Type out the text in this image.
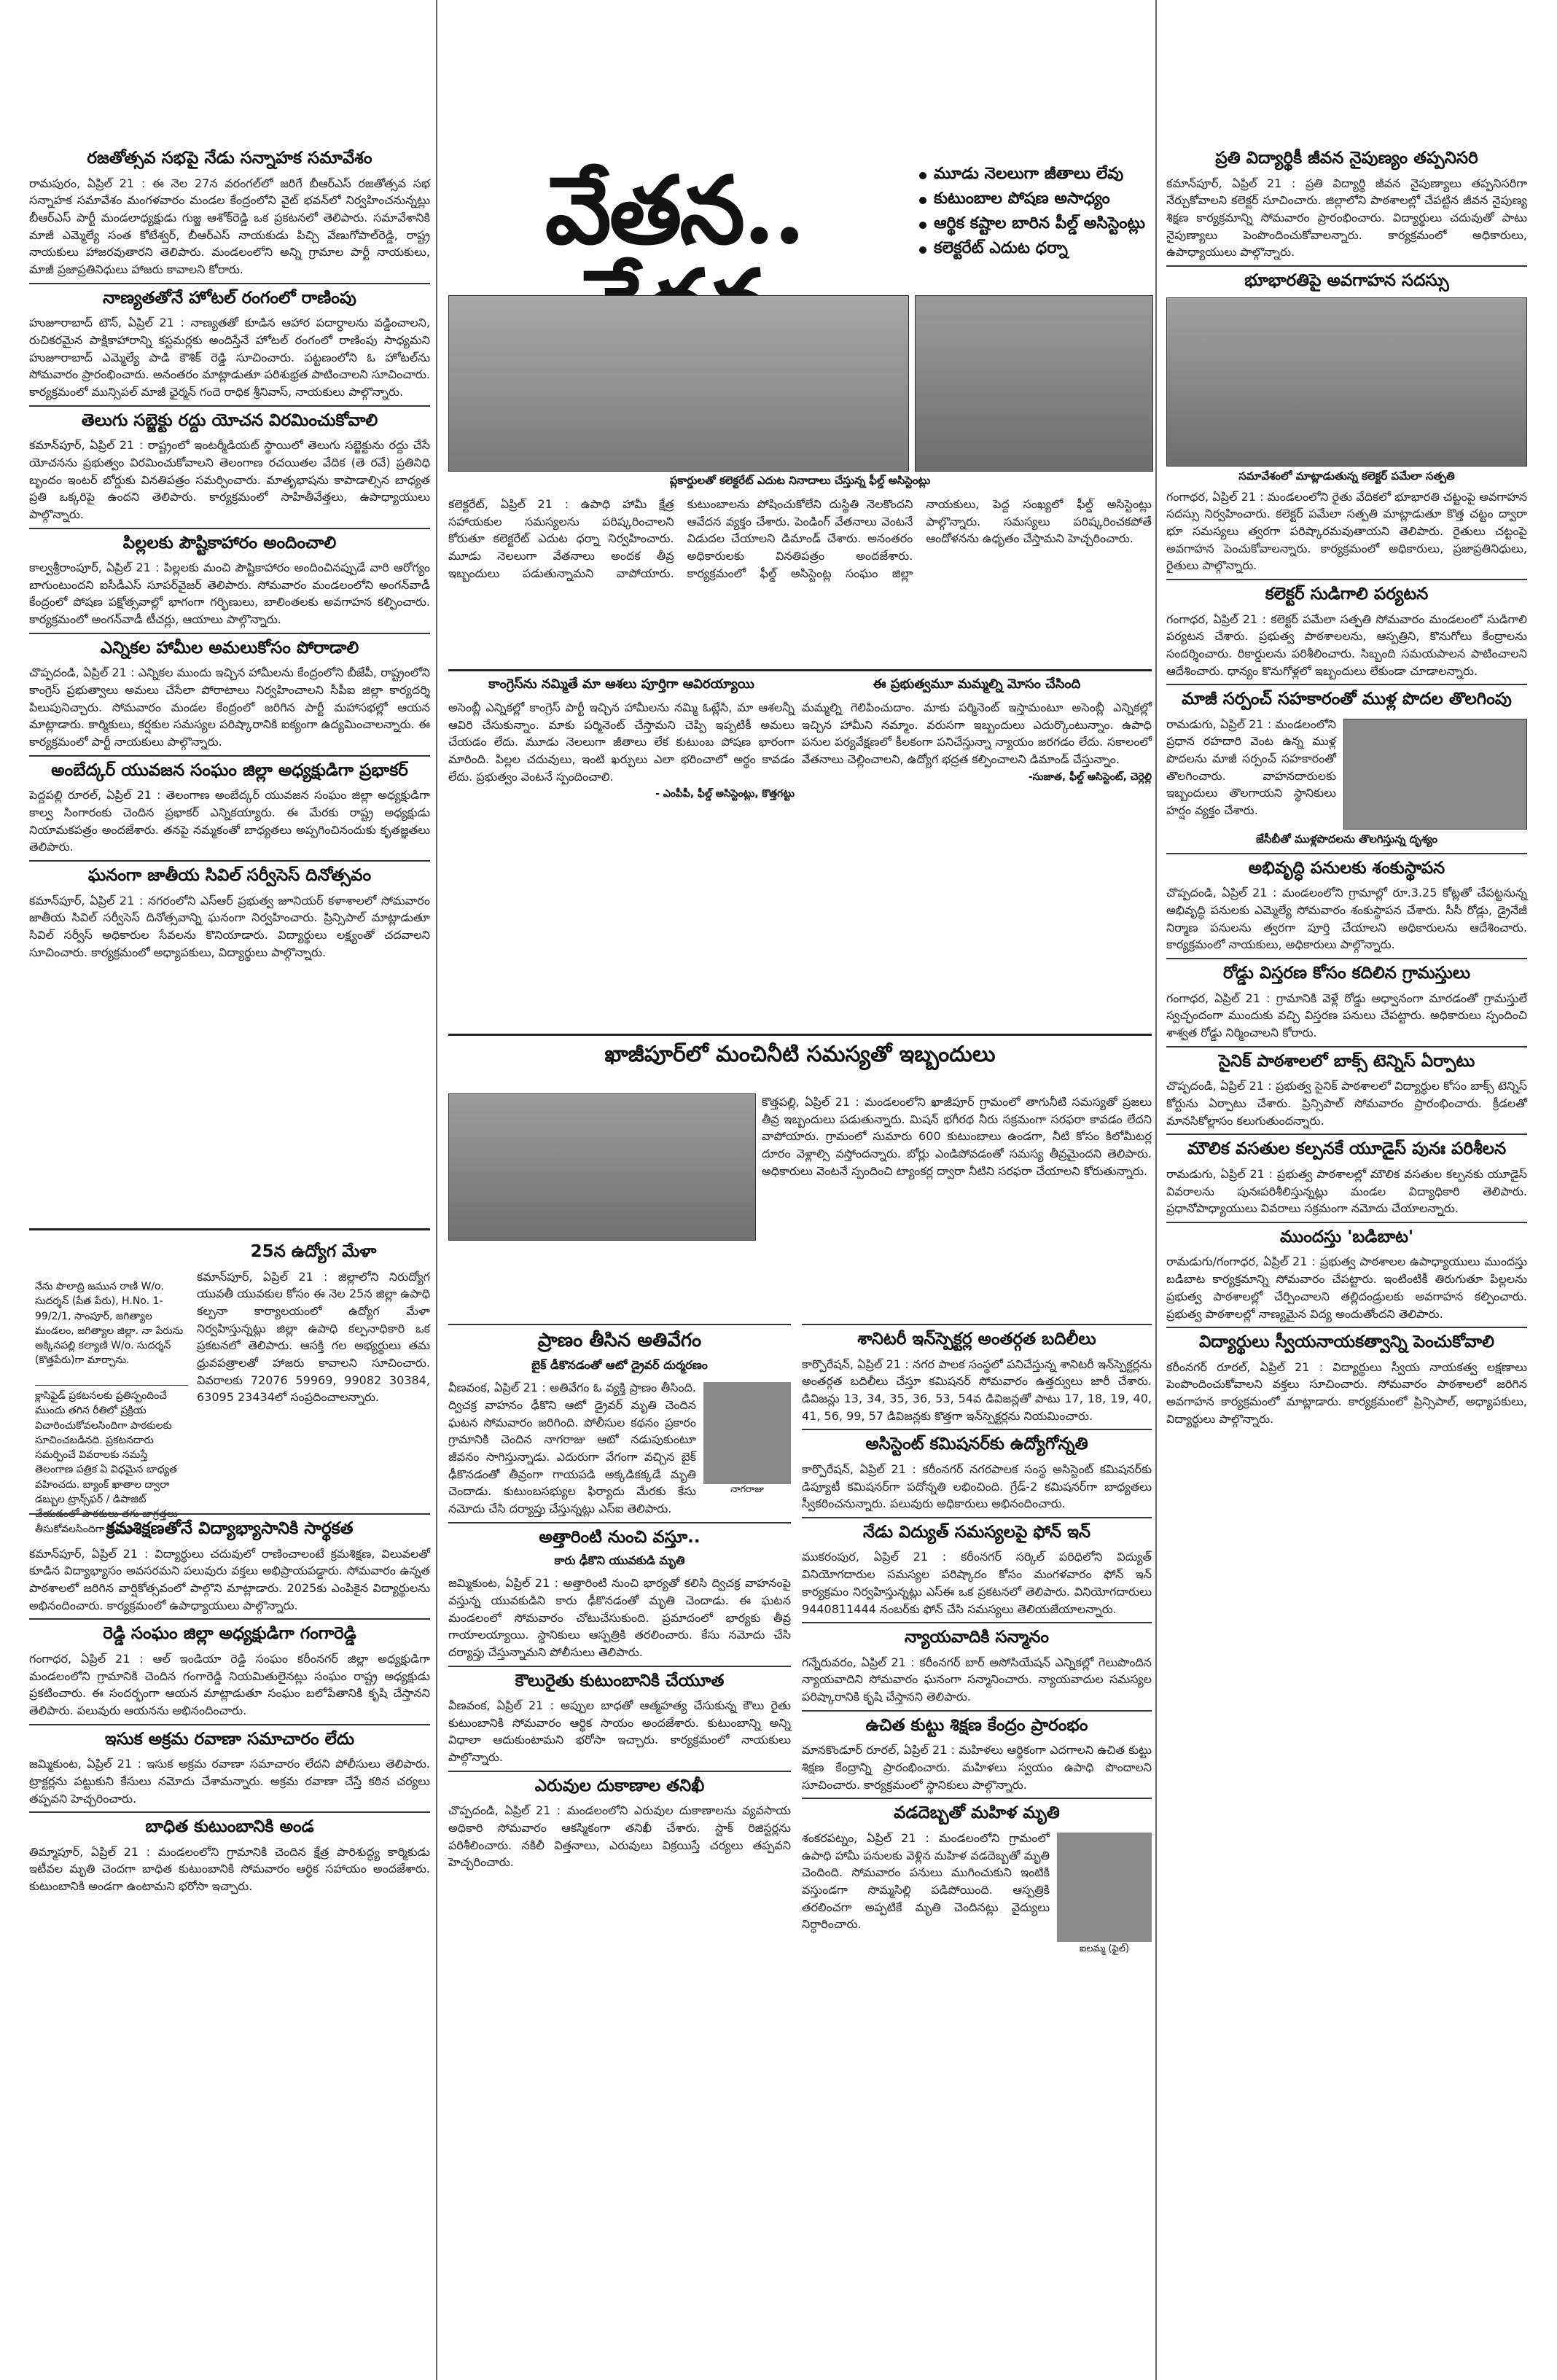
రజతోత్సవ సభపై నేడు సన్నాహక సమావేశం
రామపురం, ఏప్రిల్ 21 : ఈ నెల 27న వరంగల్‌లో జరిగే బీఆర్‌ఎస్ రజతోత్సవ సభ సన్నాహక సమావేశం మంగళవారం మండల కేంద్రంలోని వైట్ భవన్‌లో నిర్వహించనున్నట్లు బీఆర్‌ఎస్ పార్టీ మండలాధ్యక్షుడు గుజ్జ ఆశోక్‌రెడ్డి ఒక ప్రకటనలో తెలిపారు. సమావేశానికి మాజీ ఎమ్మెల్యే సంత కోటేశ్వర్, బీఆర్‌ఎస్ నాయకుడు పిచ్చి వేణుగోపాల్‌రెడ్డి, రాష్ట్ర నాయకులు హాజరవుతారని తెలిపారు. మండలంలోని అన్ని గ్రామాల పార్టీ నాయకులు, మాజీ ప్రజాప్రతినిధులు హాజరు కావాలని కోరారు.
నాణ్యతతోనే హోటల్ రంగంలో రాణింపు
హుజూరాబాద్ టౌన్, ఏప్రిల్ 21 : నాణ్యతతో కూడిన ఆహార పదార్థాలను వడ్డించాలని, రుచికరమైన పాక్షికాహారాన్ని కస్టమర్లకు అందిస్తేనే హోటల్ రంగంలో రాణింపు సాధ్యమని హుజూరాబాద్ ఎమ్మెల్యే పాడి కౌశిక్ రెడ్డి సూచించారు. పట్టణంలోని ఓ హోటల్‌ను సోమవారం ప్రారంభించారు. అనంతరం మాట్లాడుతూ పరిశుభ్రత పాటించాలని సూచించారు. కార్యక్రమంలో మున్సిపల్ మాజీ ఛైర్మన్ గందె రాధిక శ్రీనివాస్, నాయకులు పాల్గొన్నారు.
తెలుగు సబ్జెక్టు రద్దు యోచన విరమించుకోవాలి
కమాన్‌పూర్, ఏప్రిల్ 21 : రాష్ట్రంలో ఇంటర్మీడియట్ స్థాయిలో తెలుగు సబ్జెక్టును రద్దు చేసే యోచనను ప్రభుత్వం విరమించుకోవాలని తెలంగాణ రచయితల వేదిక (తె రవే) ప్రతినిధి బృందం ఇంటర్ బోర్డుకు వినతిపత్రం సమర్పించారు. మాతృభాషను కాపాడాల్సిన బాధ్యత ప్రతి ఒక్కరిపై ఉందని తెలిపారు. కార్యక్రమంలో సాహితీవేత్తలు, ఉపాధ్యాయులు పాల్గొన్నారు.
పిల్లలకు పౌష్టికాహారం అందించాలి
కాల్వశ్రీరాంపూర్, ఏప్రిల్ 21 : పిల్లలకు మంచి పౌష్టికాహారం అందించినప్పుడే వారి ఆరోగ్యం బాగుంటుందని ఐసీడీఎస్ సూపర్‌వైజర్ తెలిపారు. సోమవారం మండలంలోని అంగన్‌వాడీ కేంద్రంలో పోషణ పక్షోత్సవాల్లో భాగంగా గర్భిణులు, బాలింతలకు అవగాహన కల్పించారు. కార్యక్రమంలో అంగన్‌వాడీ టీచర్లు, ఆయాలు పాల్గొన్నారు.
ఎన్నికల హామీల అమలుకోసం పోరాడాలి
చొప్పదండి, ఏప్రిల్ 21 : ఎన్నికల ముందు ఇచ్చిన హామీలను కేంద్రంలోని బీజేపీ, రాష్ట్రంలోని కాంగ్రెస్ ప్రభుత్వాలు అమలు చేసేలా పోరాటాలు నిర్వహించాలని సీపీఐ జిల్లా కార్యదర్శి పిలుపునిచ్చారు. సోమవారం మండల కేంద్రంలో జరిగిన పార్టీ మహాసభల్లో ఆయన మాట్లాడారు. కార్మికులు, కర్షకుల సమస్యల పరిష్కారానికి ఐక్యంగా ఉద్యమించాలన్నారు. ఈ కార్యక్రమంలో పార్టీ నాయకులు పాల్గొన్నారు.
అంబేద్కర్ యువజన సంఘం జిల్లా అధ్యక్షుడిగా ప్రభాకర్
పెద్దపల్లి రూరల్, ఏప్రిల్ 21 : తెలంగాణ అంబేద్కర్ యువజన సంఘం జిల్లా అధ్యక్షుడిగా కాల్వ సింగారంకు చెందిన ప్రభాకర్ ఎన్నికయ్యారు. ఈ మేరకు రాష్ట్ర అధ్యక్షుడు నియామకపత్రం అందజేశారు. తనపై నమ్మకంతో బాధ్యతలు అప్పగించినందుకు కృతజ్ఞతలు తెలిపారు.
ఘనంగా జాతీయ సివిల్ సర్వీసెస్ దినోత్సవం
కమాన్‌పూర్, ఏప్రిల్ 21 : నగరంలోని ఎస్ఆర్ ప్రభుత్వ జూనియర్ కళాశాలలో సోమవారం జాతీయ సివిల్ సర్వీసెస్ దినోత్సవాన్ని ఘనంగా నిర్వహించారు. ప్రిన్సిపాల్ మాట్లాడుతూ సివిల్ సర్వీస్ అధికారుల సేవలను కొనియాడారు. విద్యార్థులు లక్ష్యంతో చదవాలని సూచించారు. కార్యక్రమంలో అధ్యాపకులు, విద్యార్థులు పాల్గొన్నారు.
25న ఉద్యోగ మేళా
కమాన్‌పూర్, ఏప్రిల్ 21 : జిల్లాలోని నిరుద్యోగ యువతీ యువకుల కోసం ఈ నెల 25న జిల్లా ఉపాధి కల్పనా కార్యాలయంలో ఉద్యోగ మేళా నిర్వహిస్తున్నట్లు జిల్లా ఉపాధి కల్పనాధికారి ఒక ప్రకటనలో తెలిపారు. ఆసక్తి గల అభ్యర్థులు తమ ధ్రువపత్రాలతో హాజరు కావాలని సూచించారు. వివరాలకు 72076 59969, 99082 30384, 63095 23434లో సంప్రదించాలన్నారు.
నేను పొలాద్రి జమున రాణి W/o. సుదర్శన్ (పేత పేరు), H.No. 1-99/2/1, సాంపూర్, జగిత్యాల మండలం, జగిత్యాల జిల్లా. నా పేరును అక్కినపల్లి కల్యాణి W/o. సుదర్శన్ (కొత్తపేరు)గా మార్చాను.
క్లాసిఫైడ్ ప్రకటనలకు ప్రతిస్పందించే ముందు తగిన రీతిలో ప్రక్రియ విచారించుకోవలసిందిగా పాఠకులకు సూచించబడినది. ప్రకటనదారు సమర్పించే వివరాలకు నమస్తే తెలంగాణ పత్రిక ఏ విధమైన బాధ్యత వహించదు. బ్యాంక్ ఖాతాల ద్వారా డబ్బుల ట్రాన్స్‌ఫర్ / డిపాజిట్ తీసుకోవలసిందిగా మనవి.
క్రమశిక్షణతోనే విద్యాభ్యాసానికి సార్థకత
కమాన్‌పూర్, ఏప్రిల్ 21 : విద్యార్థులు చదువులో రాణించాలంటే క్రమశిక్షణ, విలువలతో కూడిన విద్యాభ్యాసం అవసరమని పలువురు వక్తలు అభిప్రాయపడ్డారు. సోమవారం ఉన్నత పాఠశాలలో జరిగిన వార్షికోత్సవంలో పాల్గొని మాట్లాడారు. 2025కు ఎంపికైన విద్యార్థులను అభినందించారు. కార్యక్రమంలో ఉపాధ్యాయులు పాల్గొన్నారు.
రెడ్డి సంఘం జిల్లా అధ్యక్షుడిగా గంగారెడ్డి
గంగాధర, ఏప్రిల్ 21 : ఆల్ ఇండియా రెడ్డి సంఘం కరీంనగర్ జిల్లా అధ్యక్షుడిగా మండలంలోని గ్రామానికి చెందిన గంగారెడ్డి నియమితులైనట్లు సంఘం రాష్ట్ర అధ్యక్షుడు ప్రకటించారు. ఈ సందర్భంగా ఆయన మాట్లాడుతూ సంఘం బలోపేతానికి కృషి చేస్తానని తెలిపారు. పలువురు ఆయనను అభినందించారు.
ఇసుక అక్రమ రవాణా సమాచారం లేదు
జమ్మికుంట, ఏప్రిల్ 21 : ఇసుక అక్రమ రవాణా సమాచారం లేదని పోలీసులు తెలిపారు. ట్రాక్టర్లను పట్టుకుని కేసులు నమోదు చేశామన్నారు. అక్రమ రవాణా చేస్తే కఠిన చర్యలు తప్పవని హెచ్చరించారు.
బాధిత కుటుంబానికి అండ
తిమ్మాపూర్, ఏప్రిల్ 21 : మండలంలోని గ్రామానికి చెందిన క్షేత్ర పారిశుద్ధ్య కార్మికుడు ఇటీవల మృతి చెందగా బాధిత కుటుంబానికి సోమవారం ఆర్థిక సహాయం అందజేశారు. కుటుంబానికి అండగా ఉంటామని భరోసా ఇచ్చారు.
వేతన..	మూడు నెలలుగా జీతాలు లేవు
కుటుంబాల పోషణ అసాధ్యం
ఆర్థిక కష్టాల బారిన పీల్డ్ అసిస్టెంట్లు
కలెక్టరేట్ ఎదుట ధర్నా
ప్లకార్డులతో కలెక్టరేట్ ఎదుట నినాదాలు చేస్తున్న ఫీల్డ్ అసిస్టెంట్లు
కలెక్టరేట్, ఏప్రిల్ 21 : ఉపాధి హామీ క్షేత్ర సహాయకుల సమస్యలను పరిష్కరించాలని కోరుతూ కలెక్టరేట్ ఎదుట ధర్నా నిర్వహించారు. మూడు నెలలుగా వేతనాలు అందక తీవ్ర ఇబ్బందులు పడుతున్నామని వాపోయారు. కుటుంబాలను పోషించుకోలేని దుస్థితి నెలకొందని ఆవేదన వ్యక్తం చేశారు. పెండింగ్ వేతనాలు వెంటనే విడుదల చేయాలని డిమాండ్ చేశారు. అనంతరం అధికారులకు వినతిపత్రం అందజేశారు. కార్యక్రమంలో ఫీల్డ్ అసిస్టెంట్ల సంఘం జిల్లా నాయకులు, పెద్ద సంఖ్యలో ఫీల్డ్ అసిస్టెంట్లు పాల్గొన్నారు. సమస్యలు పరిష్కరించకపోతే ఆందోళనను ఉధృతం చేస్తామని హెచ్చరించారు.
కాంగ్రెస్‌ను నమ్మితే మా ఆశలు పూర్తిగా ఆవిరయ్యాయి
అసెంబ్లీ ఎన్నికల్లో కాంగ్రెస్ పార్టీ ఇచ్చిన హామీలను నమ్మి ఓట్లేసి, మా ఆశలన్నీ ఆవిరి చేసుకున్నాం. మాకు పర్మినెంట్ చేస్తామని చెప్పి ఇప్పటికీ అమలు చేయడం లేదు. మూడు నెలలుగా జీతాలు లేక కుటుంబ పోషణ భారంగా మారింది. పిల్లల చదువులు, ఇంటి ఖర్చులు ఎలా భరించాలో అర్థం కావడం లేదు. ప్రభుత్వం వెంటనే స్పందించాలి.
- ఎంపీపీ, ఫీల్డ్ అసిస్టెంట్లు, కొత్తగట్టు
ఈ ప్రభుత్వమూ మమ్మల్ని మోసం చేసింది
మమ్మల్ని గెలిపించుదాం. మాకు పర్మినెంట్ ఇస్తామంటూ అసెంబ్లీ ఎన్నికల్లో ఇచ్చిన హామీని నమ్మాం. వరుసగా ఇబ్బందులు ఎదుర్కొంటున్నాం. ఉపాధి పనుల పర్యవేక్షణలో కీలకంగా పనిచేస్తున్నా న్యాయం జరగడం లేదు. సకాలంలో వేతనాలు చెల్లించాలని, ఉద్యోగ భద్రత కల్పించాలని డిమాండ్ చేస్తున్నాం.
-సుజాత, ఫీల్డ్ అసిస్టెంట్, చెర్లెల్లి
ఖాజీపూర్‌లో మంచినీటి సమస్యతో ఇబ్బందులు
కొత్తపల్లి, ఏప్రిల్ 21 : మండలంలోని ఖాజీపూర్ గ్రామంలో తాగునీటి సమస్యతో ప్రజలు తీవ్ర ఇబ్బందులు పడుతున్నారు. మిషన్ భగీరథ నీరు సక్రమంగా సరఫరా కావడం లేదని వాపోయారు. గ్రామంలో సుమారు 600 కుటుంబాలు ఉండగా, నీటి కోసం కిలోమీటర్ల దూరం వెళ్లాల్సి వస్తోందన్నారు. బోర్లు ఎండిపోవడంతో సమస్య తీవ్రమైందని తెలిపారు. అధికారులు వెంటనే స్పందించి ట్యాంకర్ల ద్వారా నీటిని సరఫరా చేయాలని కోరుతున్నారు.
ప్రాణం తీసిన అతివేగం
బైక్ డీకొనడంతో ఆటో డ్రైవర్ దుర్మరణం
నాగరాజు
వీణవంక, ఏప్రిల్ 21 : అతివేగం ఓ వ్యక్తి ప్రాణం తీసింది. ద్విచక్ర వాహనం ఢీకొని ఆటో డ్రైవర్ మృతి చెందిన ఘటన సోమవారం జరిగింది. పోలీసుల కథనం ప్రకారం గ్రామానికి చెందిన నాగరాజు ఆటో నడుపుకుంటూ జీవనం సాగిస్తున్నాడు. ఎదురుగా వేగంగా వచ్చిన బైక్ ఢీకొనడంతో తీవ్రంగా గాయపడి అక్కడికక్కడే మృతి చెందాడు. కుటుంబసభ్యుల ఫిర్యాదు మేరకు కేసు నమోదు చేసి దర్యాప్తు చేస్తున్నట్లు ఎస్ఐ తెలిపారు.
అత్తారింటి నుంచి వస్తూ..
కారు ఢీకొని యువకుడి మృతి
జమ్మికుంట, ఏప్రిల్ 21 : అత్తారింటి నుంచి భార్యతో కలిసి ద్విచక్ర వాహనంపై వస్తున్న యువకుడిని కారు ఢీకొనడంతో మృతి చెందాడు. ఈ ఘటన మండలంలో సోమవారం చోటుచేసుకుంది. ప్రమాదంలో భార్యకు తీవ్ర గాయాలయ్యాయి. స్థానికులు ఆస్పత్రికి తరలించారు. కేసు నమోదు చేసి దర్యాప్తు చేస్తున్నామని పోలీసులు తెలిపారు.
కౌలురైతు కుటుంబానికి చేయూత
వీణవంక, ఏప్రిల్ 21 : అప్పుల బాధతో ఆత్మహత్య చేసుకున్న కౌలు రైతు కుటుంబానికి సోమవారం ఆర్థిక సాయం అందజేశారు. కుటుంబాన్ని అన్ని విధాలా ఆదుకుంటామని భరోసా ఇచ్చారు. కార్యక్రమంలో నాయకులు పాల్గొన్నారు.
ఎరువుల దుకాణాల తనిఖీ
చొప్పదండి, ఏప్రిల్ 21 : మండలంలోని ఎరువుల దుకాణాలను వ్యవసాయ అధికారి సోమవారం ఆకస్మికంగా తనిఖీ చేశారు. స్టాక్ రిజిస్టర్లను పరిశీలించారు. నకిలీ విత్తనాలు, ఎరువులు విక్రయిస్తే చర్యలు తప్పవని హెచ్చరించారు.
శానిటరీ ఇన్‌స్పెక్టర్ల అంతర్గత బదిలీలు
కార్పొరేషన్, ఏప్రిల్ 21 : నగర పాలక సంస్థలో పనిచేస్తున్న శానిటరీ ఇన్‌స్పెక్టర్లను అంతర్గత బదిలీలు చేస్తూ కమిషనర్ సోమవారం ఉత్తర్వులు జారీ చేశారు. డివిజన్లు 13, 34, 35, 36, 53, 54వ డివిజన్లతో పాటు 17, 18, 19, 40, 41, 56, 99, 57 డివిజన్లకు కొత్తగా ఇన్‌స్పెక్టర్లను నియమించారు.
అసిస్టెంట్ కమిషనర్‌కు ఉద్యోగోన్నతి
కార్పొరేషన్, ఏప్రిల్ 21 : కరీంనగర్ నగరపాలక సంస్థ అసిస్టెంట్ కమిషనర్‌కు డిప్యూటీ కమిషనర్‌గా పదోన్నతి లభించింది. గ్రేడ్-2 కమిషనర్‌గా బాధ్యతలు స్వీకరించనున్నారు. పలువురు అధికారులు అభినందించారు.
నేడు విద్యుత్ సమస్యలపై ఫోన్ ఇన్
ముకరంపుర, ఏప్రిల్ 21 : కరీంనగర్ సర్కిల్ పరిధిలోని విద్యుత్ వినియోగదారుల సమస్యల పరిష్కారం కోసం మంగళవారం ఫోన్ ఇన్ కార్యక్రమం నిర్వహిస్తున్నట్లు ఎస్ఈ ఒక ప్రకటనలో తెలిపారు. వినియోగదారులు 9440811444 నంబర్‌కు ఫోన్ చేసి సమస్యలు తెలియజేయాలన్నారు.
న్యాయవాదికి సన్మానం
గన్నేరువరం, ఏప్రిల్ 21 : కరీంనగర్ బార్ అసోసియేషన్ ఎన్నికల్లో గెలుపొందిన న్యాయవాదిని సోమవారం ఘనంగా సన్మానించారు. న్యాయవాదుల సమస్యల పరిష్కారానికి కృషి చేస్తానని తెలిపారు.
ఉచిత కుట్టు శిక్షణ కేంద్రం ప్రారంభం
మానకొండూర్ రూరల్, ఏప్రిల్ 21 : మహిళలు ఆర్థికంగా ఎదగాలని ఉచిత కుట్టు శిక్షణ కేంద్రాన్ని ప్రారంభించారు. మహిళలు స్వయం ఉపాధి పొందాలని సూచించారు. కార్యక్రమంలో స్థానికులు పాల్గొన్నారు.
వడదెబ్బతో మహిళ మృతి
ఐలమ్మ (ఫైల్)
శంకరపట్నం, ఏప్రిల్ 21 : మండలంలోని గ్రామంలో ఉపాధి హామీ పనులకు వెళ్లిన మహిళ వడదెబ్బతో మృతి చెందింది. సోమవారం పనులు ముగించుకుని ఇంటికి వస్తుండగా సొమ్మసిల్లి పడిపోయింది. ఆస్పత్రికి తరలించగా అప్పటికే మృతి చెందినట్లు వైద్యులు నిర్ధారించారు.
ప్రతి విద్యార్థికీ జీవన నైపుణ్యం తప్పనిసరి
కమాన్‌పూర్, ఏప్రిల్ 21 : ప్రతి విద్యార్థి జీవన నైపుణ్యాలు తప్పనిసరిగా నేర్చుకోవాలని కలెక్టర్ సూచించారు. జిల్లాలోని పాఠశాలల్లో చేపట్టిన జీవన నైపుణ్య శిక్షణ కార్యక్రమాన్ని సోమవారం ప్రారంభించారు. విద్యార్థులు చదువుతో పాటు నైపుణ్యాలు పెంపొందించుకోవాలన్నారు. కార్యక్రమంలో అధికారులు, ఉపాధ్యాయులు పాల్గొన్నారు.
భూభారతిపై అవగాహన సదస్సు
సమావేశంలో మాట్లాడుతున్న కలెక్టర్ పమేలా సత్పతి
గంగాధర, ఏప్రిల్ 21 : మండలంలోని రైతు వేదికలో భూభారతి చట్టంపై అవగాహన సదస్సు నిర్వహించారు. కలెక్టర్ పమేలా సత్పతి మాట్లాడుతూ కొత్త చట్టం ద్వారా భూ సమస్యలు త్వరగా పరిష్కారమవుతాయని తెలిపారు. రైతులు చట్టంపై అవగాహన పెంచుకోవాలన్నారు. కార్యక్రమంలో అధికారులు, ప్రజాప్రతినిధులు, రైతులు పాల్గొన్నారు.
కలెక్టర్ సుడిగాలి పర్యటన
గంగాధర, ఏప్రిల్ 21 : కలెక్టర్ పమేలా సత్పతి సోమవారం మండలంలో సుడిగాలి పర్యటన చేశారు. ప్రభుత్వ పాఠశాలలను, ఆస్పత్రిని, కొనుగోలు కేంద్రాలను సందర్శించారు. రికార్డులను పరిశీలించారు. సిబ్బంది సమయపాలన పాటించాలని ఆదేశించారు. ధాన్యం కొనుగోళ్లలో ఇబ్బందులు లేకుండా చూడాలన్నారు.
మాజీ సర్పంచ్ సహకారంతో ముళ్ల పొదల తొలగింపు
రామడుగు, ఏప్రిల్ 21 : మండలంలోని ప్రధాన రహదారి వెంట ఉన్న ముళ్ల పొదలను మాజీ సర్పంచ్ సహకారంతో తొలగించారు. వాహనదారులకు ఇబ్బందులు తొలగాయని స్థానికులు హర్షం వ్యక్తం చేశారు.
జేసీబీతో ముళ్లపొదలను తొలగిస్తున్న దృశ్యం
అభివృద్ధి పనులకు శంకుస్థాపన
చొప్పదండి, ఏప్రిల్ 21 : మండలంలోని గ్రామాల్లో రూ.3.25 కోట్లతో చేపట్టనున్న అభివృద్ధి పనులకు ఎమ్మెల్యే సోమవారం శంకుస్థాపన చేశారు. సీసీ రోడ్లు, డ్రైనేజీ నిర్మాణ పనులను త్వరగా పూర్తి చేయాలని అధికారులను ఆదేశించారు. కార్యక్రమంలో నాయకులు, అధికారులు పాల్గొన్నారు.
రోడ్డు విస్తరణ కోసం కదిలిన గ్రామస్తులు
గంగాధర, ఏప్రిల్ 21 : గ్రామానికి వెళ్లే రోడ్డు అధ్వానంగా మారడంతో గ్రామస్తులే స్వచ్ఛందంగా ముందుకు వచ్చి విస్తరణ పనులు చేపట్టారు. అధికారులు స్పందించి శాశ్వత రోడ్డు నిర్మించాలని కోరారు.
సైనిక్ పాఠశాలలో బాక్స్ టెన్నిస్ ఏర్పాటు
చొప్పదండి, ఏప్రిల్ 21 : ప్రభుత్వ సైనిక్ పాఠశాలలో విద్యార్థుల కోసం బాక్స్ టెన్నిస్ కోర్టును ఏర్పాటు చేశారు. ప్రిన్సిపాల్ సోమవారం ప్రారంభించారు. క్రీడలతో మానసికోల్లాసం కలుగుతుందన్నారు.
మౌలిక వసతుల కల్పనకే యూడైస్ పునః పరిశీలన
రామడుగు, ఏప్రిల్ 21 : ప్రభుత్వ పాఠశాలల్లో మౌలిక వసతుల కల్పనకు యూడైస్ వివరాలను పునఃపరిశీలిస్తున్నట్లు మండల విద్యాధికారి తెలిపారు. ప్రధానోపాధ్యాయులు వివరాలు సక్రమంగా నమోదు చేయాలన్నారు.
ముందస్తు 'బడిబాట'
రామడుగు/గంగాధర, ఏప్రిల్ 21 : ప్రభుత్వ పాఠశాలల ఉపాధ్యాయులు ముందస్తు బడిబాట కార్యక్రమాన్ని సోమవారం చేపట్టారు. ఇంటింటికీ తిరుగుతూ పిల్లలను ప్రభుత్వ పాఠశాలల్లో చేర్పించాలని తల్లిదండ్రులకు అవగాహన కల్పించారు. ప్రభుత్వ పాఠశాలల్లో నాణ్యమైన విద్య అందుతోందని తెలిపారు.
విద్యార్థులు స్వీయనాయకత్వాన్ని పెంచుకోవాలి
కరీంనగర్ రూరల్, ఏప్రిల్ 21 : విద్యార్థులు స్వీయ నాయకత్వ లక్షణాలు పెంపొందించుకోవాలని వక్తలు సూచించారు. సోమవారం పాఠశాలలో జరిగిన అవగాహన కార్యక్రమంలో మాట్లాడారు. కార్యక్రమంలో ప్రిన్సిపాల్, అధ్యాపకులు, విద్యార్థులు పాల్గొన్నారు.
